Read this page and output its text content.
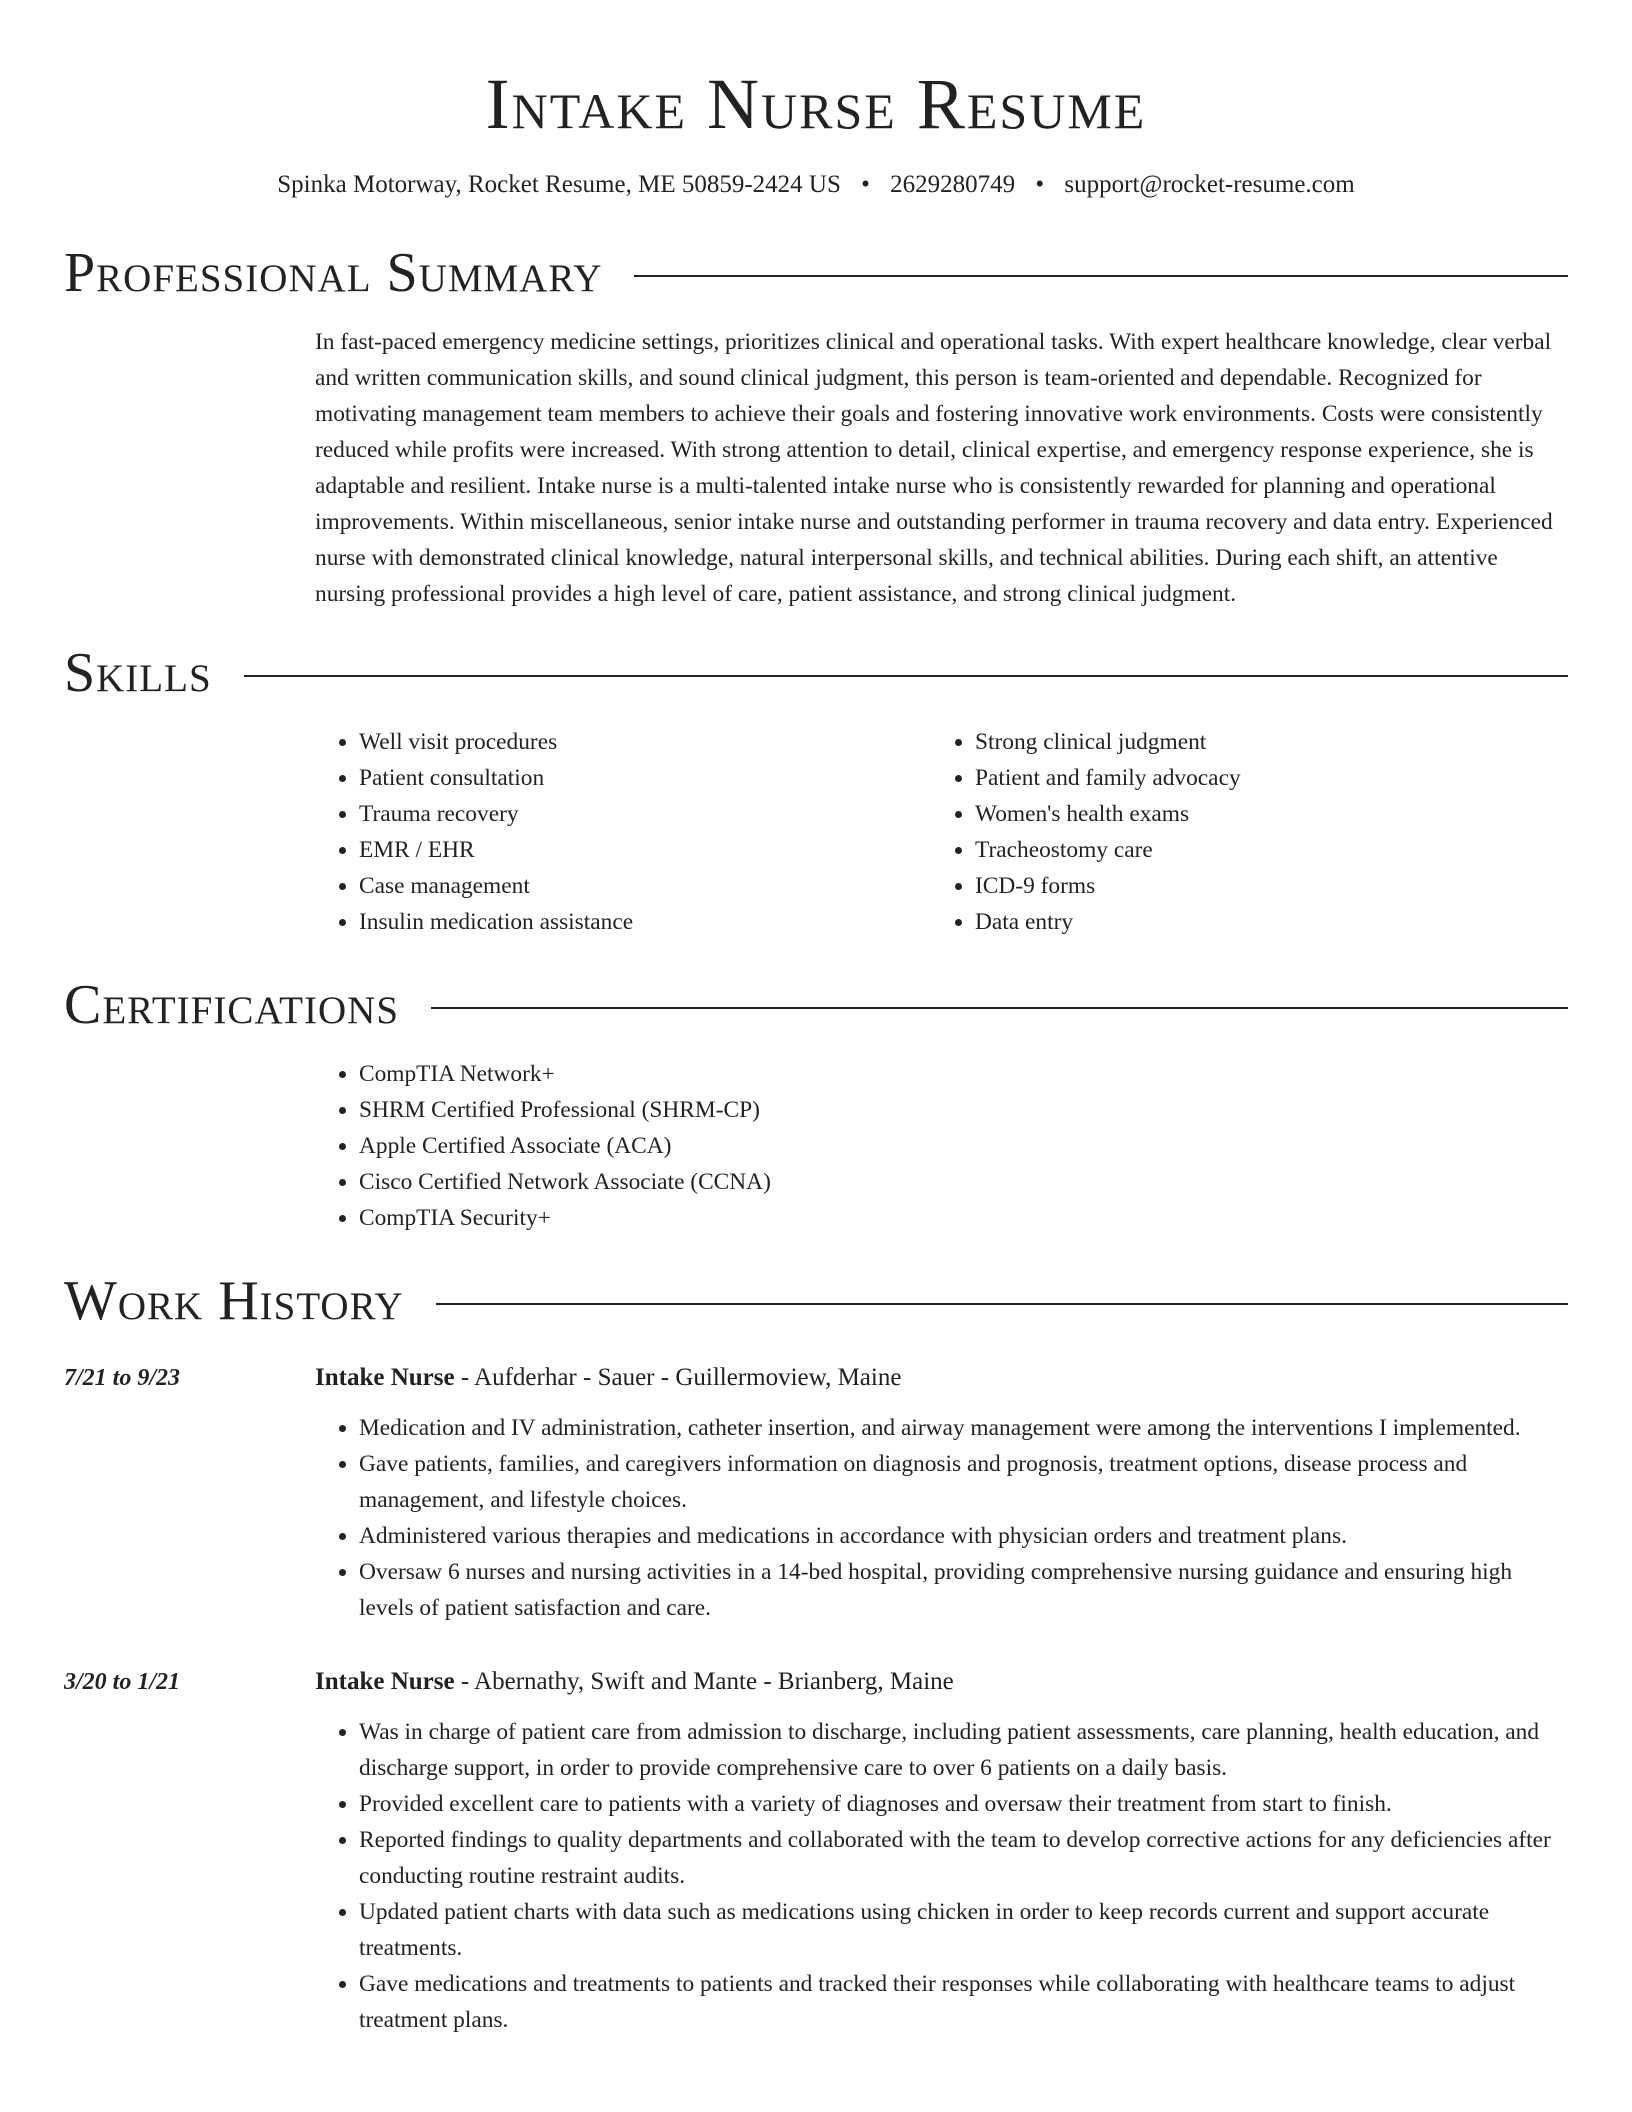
Intake Nurse Resume
Spinka Motorway, Rocket Resume, ME 50859-2424 US • 2629280749 • support@rocket-resume.com
Professional Summary
In fast-paced emergency medicine settings, prioritizes clinical and operational tasks. With expert healthcare knowledge, clear verbal and written communication skills, and sound clinical judgment, this person is team-oriented and dependable. Recognized for motivating management team members to achieve their goals and fostering innovative work environments. Costs were consistently reduced while profits were increased. With strong attention to detail, clinical expertise, and emergency response experience, she is adaptable and resilient. Intake nurse is a multi-talented intake nurse who is consistently rewarded for planning and operational improvements. Within miscellaneous, senior intake nurse and outstanding performer in trauma recovery and data entry. Experienced nurse with demonstrated clinical knowledge, natural interpersonal skills, and technical abilities. During each shift, an attentive nursing professional provides a high level of care, patient assistance, and strong clinical judgment.
Skills
• Well visit procedures
• Patient consultation
• Trauma recovery
• EMR / EHR
• Case management
• Insulin medication assistance
• Strong clinical judgment
• Patient and family advocacy
• Women's health exams
• Tracheostomy care
• ICD-9 forms
• Data entry
Certifications
• CompTIA Network+
• SHRM Certified Professional (SHRM-CP)
• Apple Certified Associate (ACA)
• Cisco Certified Network Associate (CCNA)
• CompTIA Security+
Work History
7/21 to 9/23	Intake Nurse - Aufderhar - Sauer - Guillermoview, Maine
• Medication and IV administration, catheter insertion, and airway management were among the interventions I implemented.
• Gave patients, families, and caregivers information on diagnosis and prognosis, treatment options, disease process and management, and lifestyle choices.
• Administered various therapies and medications in accordance with physician orders and treatment plans.
• Oversaw 6 nurses and nursing activities in a 14-bed hospital, providing comprehensive nursing guidance and ensuring high levels of patient satisfaction and care.
3/20 to 1/21	Intake Nurse - Abernathy, Swift and Mante - Brianberg, Maine
• Was in charge of patient care from admission to discharge, including patient assessments, care planning, health education, and discharge support, in order to provide comprehensive care to over 6 patients on a daily basis.
• Provided excellent care to patients with a variety of diagnoses and oversaw their treatment from start to finish.
• Reported findings to quality departments and collaborated with the team to develop corrective actions for any deficiencies after conducting routine restraint audits.
• Updated patient charts with data such as medications using chicken in order to keep records current and support accurate treatments.
• Gave medications and treatments to patients and tracked their responses while collaborating with healthcare teams to adjust treatment plans.
